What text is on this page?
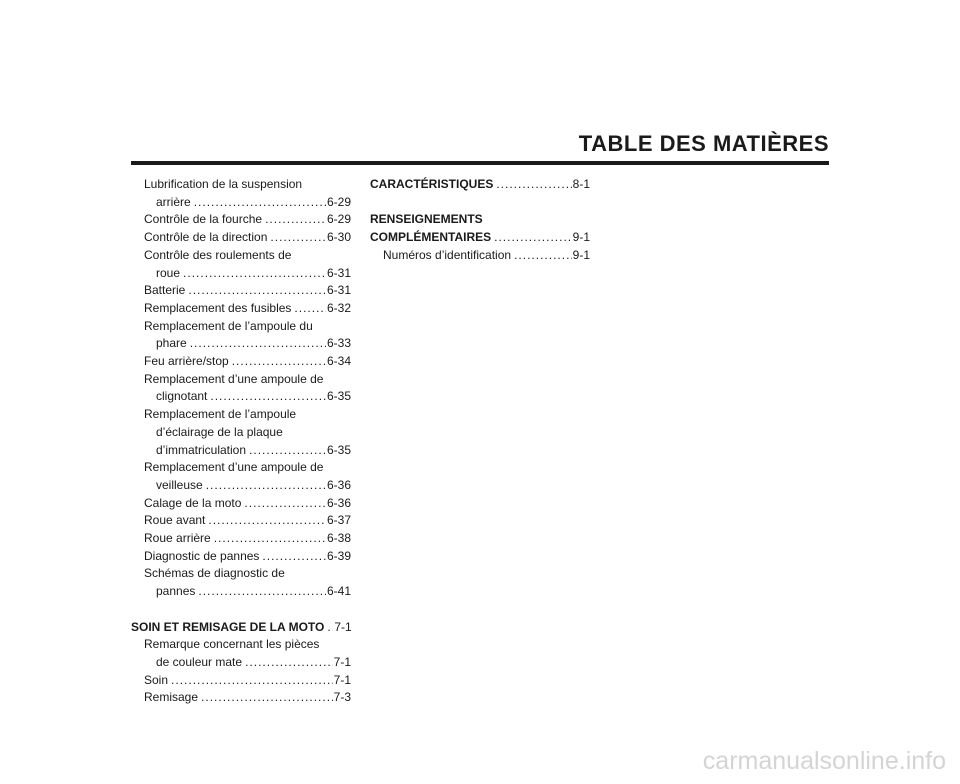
TABLE DES MATIÈRES
Lubrification de la suspension
arrière .....	6-29
Contrôle de la fourche .....	6-29
Contrôle de la direction .....	6-30
Contrôle des roulements de
roue .....	6-31
Batterie .....	6-31
Remplacement des fusibles .....	6-32
Remplacement de l’ampoule du
phare .....	6-33
Feu arrière/stop .....	6-34
Remplacement d’une ampoule de
clignotant .....	6-35
Remplacement de l’ampoule
d’éclairage de la plaque
d’immatriculation .....	6-35
Remplacement d’une ampoule de
veilleuse .....	6-36
Calage de la moto .....	6-36
Roue avant .....	6-37
Roue arrière .....	6-38
Diagnostic de pannes .....	6-39
Schémas de diagnostic de
pannes .....	6-41
SOIN ET REMISAGE DE LA MOTO ..... 7-1
Remarque concernant les pièces
de couleur mate .....	7-1
Soin .....	7-1
Remisage .....	7-3
CARACTÉRISTIQUES .....	8-1
RENSEIGNEMENTS
COMPLÉMENTAIRES .....	9-1
Numéros d’identification .....	9-1
carmanualsonline.info
